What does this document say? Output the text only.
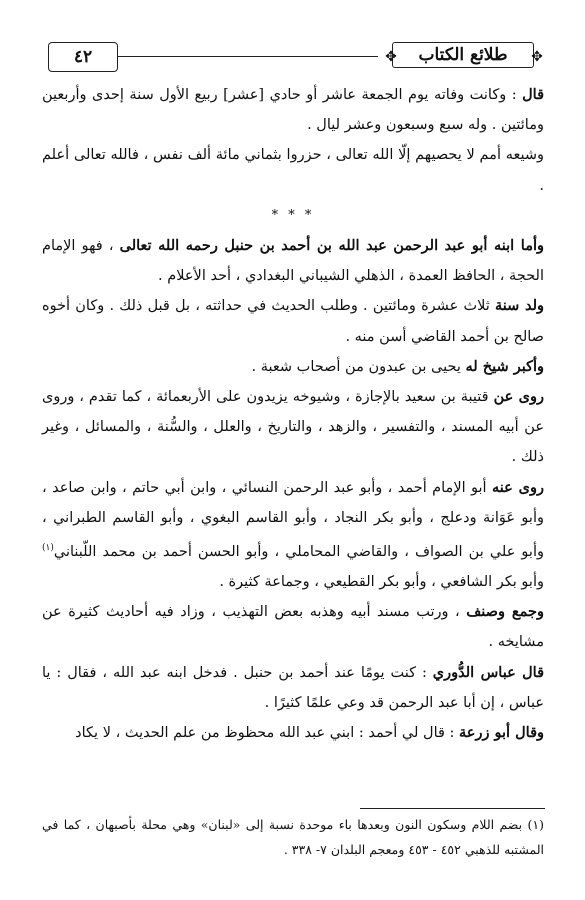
٤٢	✥ طلائع الكتاب ✥

قال : وكانت وفاته يوم الجمعة عاشر أو حادي [عشر] ربيع الأول سنة إحدى وأربعين ومائتين . وله سبع وسبعون وعشر ليال .

وشيعه أمم لا يحصيهم إلّا الله تعالى ، حزروا بثماني مائة ألف نفس ، فالله تعالى أعلم .

* * *

وأما ابنه أبو عبد الرحمن عبد الله بن أحمد بن حنبل رحمه الله تعالى ، فهو الإمام الحجة ، الحافظ العمدة ، الذهلي الشيباني البغدادي ، أحد الأعلام .

ولد سنة ثلاث عشرة ومائتين . وطلب الحديث في حداثته ، بل قبل ذلك . وكان أخوه صالح بن أحمد القاضي أسن منه .

وأكبر شيخ له يحيى بن عبدون من أصحاب شعبة .

روى عن قتيبة بن سعيد بالإجازة ، وشيوخه يزيدون على الأربعمائة ، كما تقدم ، وروى عن أبيه المسند ، والتفسير ، والزهد ، والتاريخ ، والعلل ، والسُّنة ، والمسائل ، وغير ذلك .

روى عنه أبو الإمام أحمد ، وأبو عبد الرحمن النسائي ، وابن أبي حاتم ، وابن صاعد ، وأبو عَوَانة ودعلج ، وأبو بكر النجاد ، وأبو القاسم البغوي ، وأبو القاسم الطبراني ، وأبو علي بن الصواف ، والقاضي المحاملي ، وأبو الحسن أحمد بن محمد اللّبناني$^{(١)}$ وأبو بكر الشافعي ، وأبو بكر القطيعي ، وجماعة كثيرة .

وجمع وصنف ، ورتب مسند أبيه وهذبه بعض التهذيب ، وزاد فيه أحاديث كثيرة عن مشايخه .

قال عباس الدُّوري : كنت يومًا عند أحمد بن حنبل . فدخل ابنه عبد الله ، فقال : يا عباس ، إن أبا عبد الرحمن قد وعي علمًا كثيرًا .

وقال أبو زرعة : قال لي أحمد : ابني عبد الله محظوظ من علم الحديث ، لا يكاد

(١) بضم اللام وسكون النون وبعدها باء موحدة نسبة إلى «لبنان» وهي محلة بأصبهان ، كما في المشتبه للذهبي ٤٥٢ - ٤٥٣ ومعجم البلدان ٧- ٣٣٨ .
